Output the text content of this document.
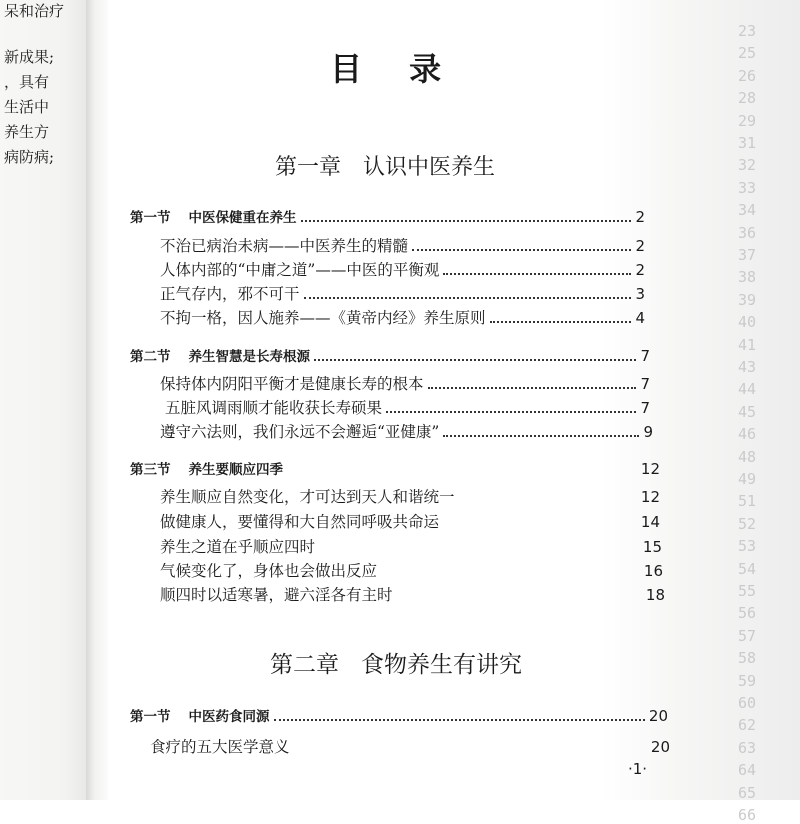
呆和治疗
新成果;
，具有
生活中
养生方
病防病;
23
25
26
28
29
31
32
33
34
36
37
38
39
40
41
43
44
45
46
48
49
51
52
53
54
55
56
57
58
59
60
62
63
64
65
66
目 录
第一章 认识中医养生
第一节 中医保健重在养生	2
不治已病治未病——中医养生的精髓	2
人体内部的“中庸之道”——中医的平衡观	2
正气存内，邪不可干	3
不拘一格，因人施养——《黄帝内经》养生原则	4
第二节 养生智慧是长寿根源	7
保持体内阴阳平衡才是健康长寿的根本	7
五脏风调雨顺才能收获长寿硕果	7
遵守六法则，我们永远不会邂逅“亚健康”	9
第三节 养生要顺应四季	12
养生顺应自然变化，才可达到天人和谐统一	12
做健康人，要懂得和大自然同呼吸共命运	14
养生之道在乎顺应四时	15
气候变化了，身体也会做出反应	16
顺四时以适寒暑，避六淫各有主时	18
第二章 食物养生有讲究
第一节 中医药食同源	20
食疗的五大医学意义	20
·1·
